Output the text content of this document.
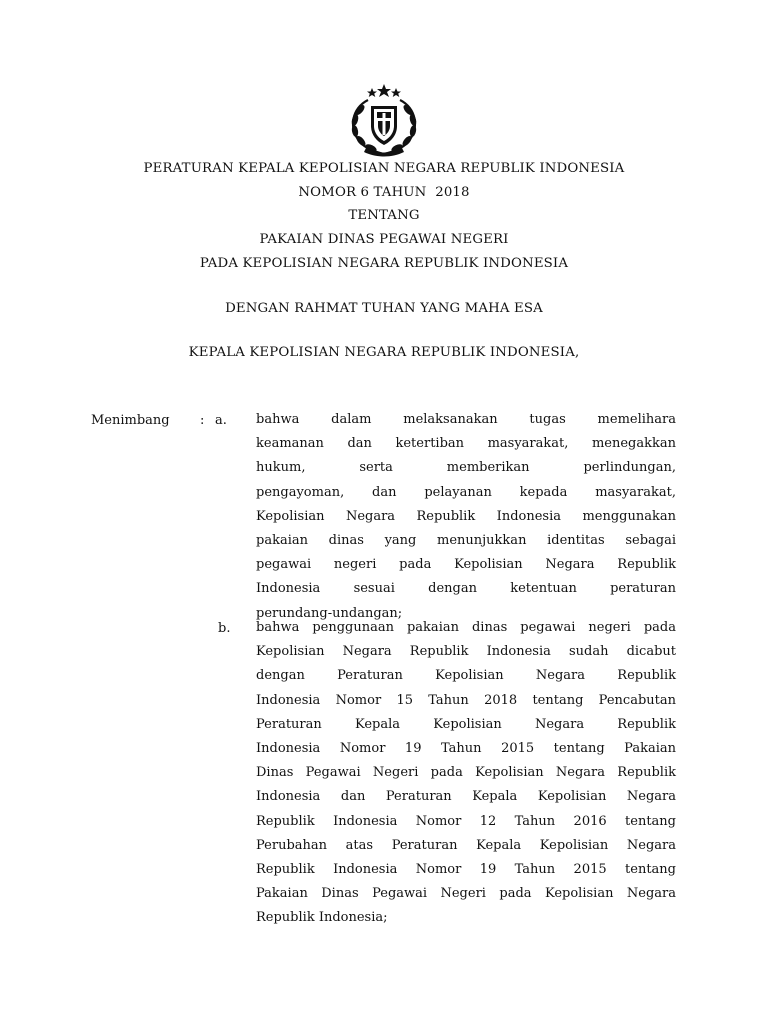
PERATURAN KEPALA KEPOLISIAN NEGARA REPUBLIK INDONESIA
NOMOR 6 TAHUN  2018
TENTANG
PAKAIAN DINAS PEGAWAI NEGERI
PADA KEPOLISIAN NEGARA REPUBLIK INDONESIA
DENGAN RAHMAT TUHAN YANG MAHA ESA
KEPALA KEPOLISIAN NEGARA REPUBLIK INDONESIA,
Menimbang : a. bahwa dalam melaksanakan tugas memelihara
keamanan dan ketertiban masyarakat, menegakkan
hukum, serta memberikan perlindungan,
pengayoman, dan pelayanan kepada masyarakat,
Kepolisian Negara Republik Indonesia menggunakan
pakaian dinas yang menunjukkan identitas sebagai
pegawai negeri pada Kepolisian Negara Republik
Indonesia sesuai dengan ketentuan peraturan
perundang-undangan;
b. bahwa penggunaan pakaian dinas pegawai negeri pada
Kepolisian Negara Republik Indonesia sudah dicabut
dengan Peraturan Kepolisian Negara Republik
Indonesia Nomor 15 Tahun 2018 tentang Pencabutan
Peraturan Kepala Kepolisian Negara Republik
Indonesia Nomor 19 Tahun 2015 tentang Pakaian
Dinas Pegawai Negeri pada Kepolisian Negara Republik
Indonesia dan Peraturan Kepala Kepolisian Negara
Republik Indonesia Nomor 12 Tahun 2016 tentang
Perubahan atas Peraturan Kepala Kepolisian Negara
Republik Indonesia Nomor 19 Tahun 2015 tentang
Pakaian Dinas Pegawai Negeri pada Kepolisian Negara
Republik Indonesia;
